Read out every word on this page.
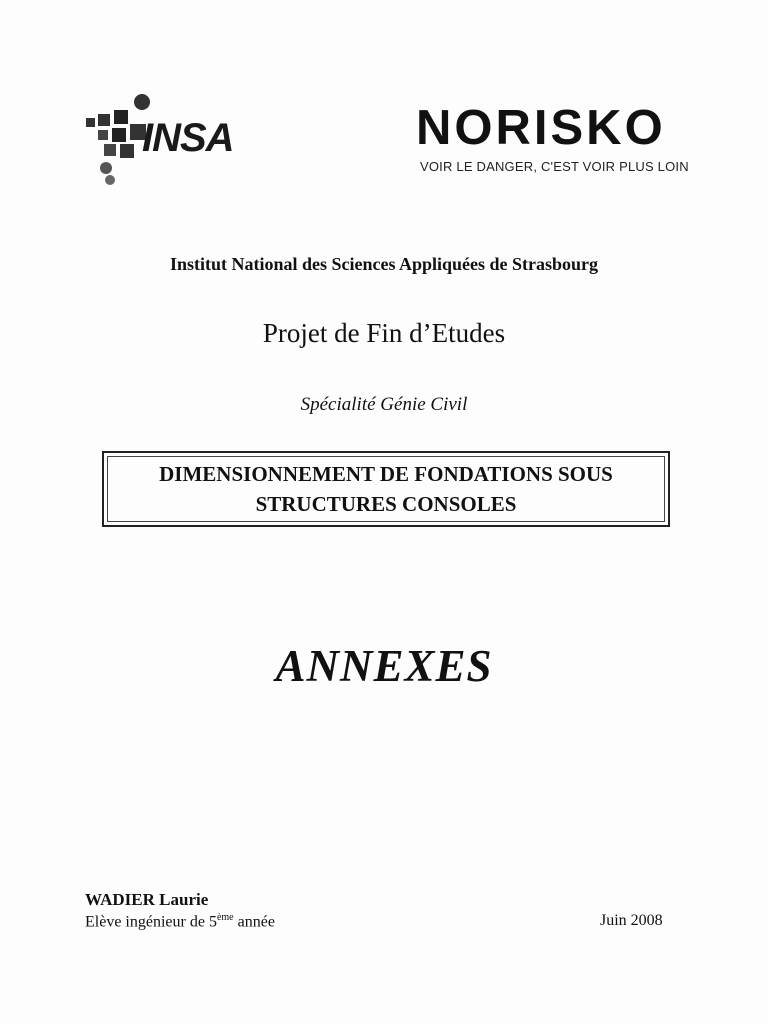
INSA	NORISKO
VOIR LE DANGER, C'EST VOIR PLUS LOIN
Institut National des Sciences Appliquées de Strasbourg
Projet de Fin d’Etudes
Spécialité Génie Civil
DIMENSIONNEMENT DE FONDATIONS SOUS
STRUCTURES CONSOLES
ANNEXES
WADIER Laurie
Elève ingénieur de 5ème année	Juin 2008
